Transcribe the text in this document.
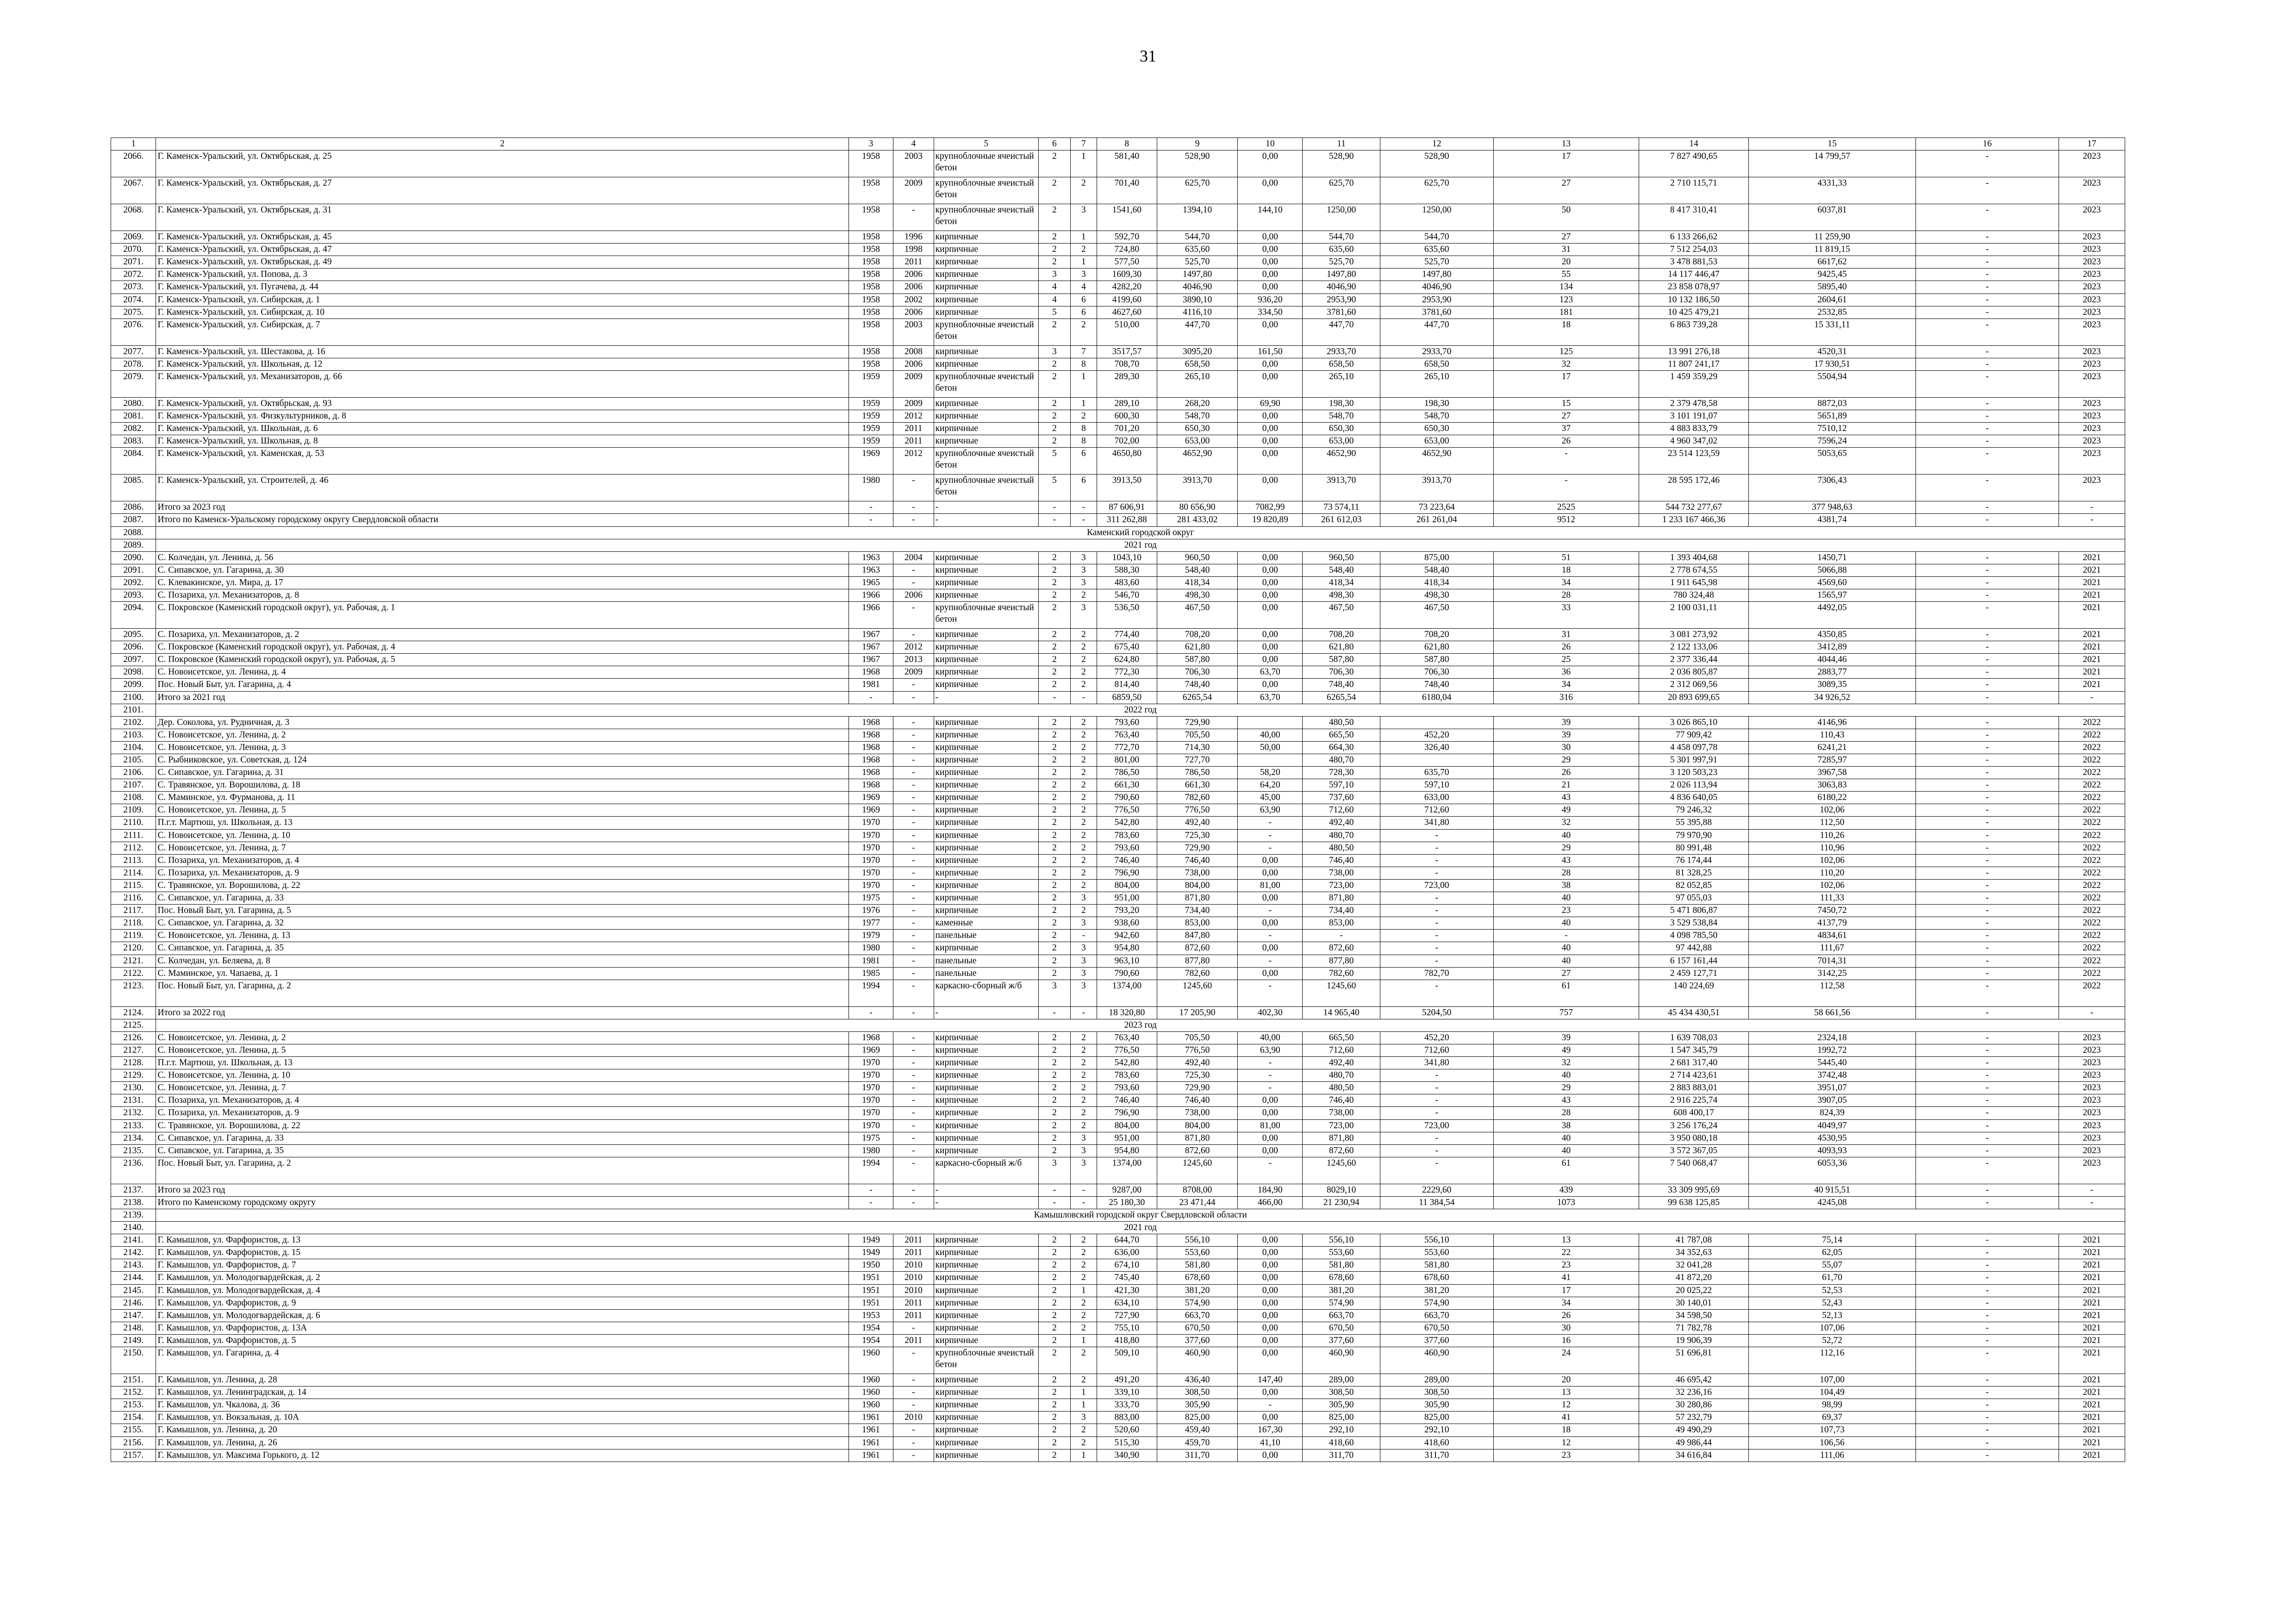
31
1	2	3	4	5	6	7	8	9	10	11	12	13	14	15	16	17
2066.	Г. Каменск-Уральский, ул. Октябрьская, д. 25	1958	2003	крупноблочные ячеистый бетон	2	1	581,40	528,90	0,00	528,90	528,90	17	7 827 490,65	14 799,57	-	2023
2067.	Г. Каменск-Уральский, ул. Октябрьская, д. 27	1958	2009	крупноблочные ячеистый бетон	2	2	701,40	625,70	0,00	625,70	625,70	27	2 710 115,71	4331,33	-	2023
2068.	Г. Каменск-Уральский, ул. Октябрьская, д. 31	1958	-	крупноблочные ячеистый бетон	2	3	1541,60	1394,10	144,10	1250,00	1250,00	50	8 417 310,41	6037,81	-	2023
2069.	Г. Каменск-Уральский, ул. Октябрьская, д. 45	1958	1996	кирпичные	2	1	592,70	544,70	0,00	544,70	544,70	27	6 133 266,62	11 259,90	-	2023
2070.	Г. Каменск-Уральский, ул. Октябрьская, д. 47	1958	1998	кирпичные	2	2	724,80	635,60	0,00	635,60	635,60	31	7 512 254,03	11 819,15	-	2023
2071.	Г. Каменск-Уральский, ул. Октябрьская, д. 49	1958	2011	кирпичные	2	1	577,50	525,70	0,00	525,70	525,70	20	3 478 881,53	6617,62	-	2023
2072.	Г. Каменск-Уральский, ул. Попова, д. 3	1958	2006	кирпичные	3	3	1609,30	1497,80	0,00	1497,80	1497,80	55	14 117 446,47	9425,45	-	2023
2073.	Г. Каменск-Уральский, ул. Пугачева, д. 44	1958	2006	кирпичные	4	4	4282,20	4046,90	0,00	4046,90	4046,90	134	23 858 078,97	5895,40	-	2023
2074.	Г. Каменск-Уральский, ул. Сибирская, д. 1	1958	2002	кирпичные	4	6	4199,60	3890,10	936,20	2953,90	2953,90	123	10 132 186,50	2604,61	-	2023
2075.	Г. Каменск-Уральский, ул. Сибирская, д. 10	1958	2006	кирпичные	5	6	4627,60	4116,10	334,50	3781,60	3781,60	181	10 425 479,21	2532,85	-	2023
2076.	Г. Каменск-Уральский, ул. Сибирская, д. 7	1958	2003	крупноблочные ячеистый бетон	2	2	510,00	447,70	0,00	447,70	447,70	18	6 863 739,28	15 331,11	-	2023
2077.	Г. Каменск-Уральский, ул. Шестакова, д. 16	1958	2008	кирпичные	3	7	3517,57	3095,20	161,50	2933,70	2933,70	125	13 991 276,18	4520,31	-	2023
2078.	Г. Каменск-Уральский, ул. Школьная, д. 12	1958	2006	кирпичные	2	8	708,70	658,50	0,00	658,50	658,50	32	11 807 241,17	17 930,51	-	2023
2079.	Г. Каменск-Уральский, ул. Механизаторов, д. 66	1959	2009	крупноблочные ячеистый бетон	2	1	289,30	265,10	0,00	265,10	265,10	17	1 459 359,29	5504,94	-	2023
2080.	Г. Каменск-Уральский, ул. Октябрьская, д. 93	1959	2009	кирпичные	2	1	289,10	268,20	69,90	198,30	198,30	15	2 379 478,58	8872,03	-	2023
2081.	Г. Каменск-Уральский, ул. Физкультурников, д. 8	1959	2012	кирпичные	2	2	600,30	548,70	0,00	548,70	548,70	27	3 101 191,07	5651,89	-	2023
2082.	Г. Каменск-Уральский, ул. Школьная, д. 6	1959	2011	кирпичные	2	8	701,20	650,30	0,00	650,30	650,30	37	4 883 833,79	7510,12	-	2023
2083.	Г. Каменск-Уральский, ул. Школьная, д. 8	1959	2011	кирпичные	2	8	702,00	653,00	0,00	653,00	653,00	26	4 960 347,02	7596,24	-	2023
2084.	Г. Каменск-Уральский, ул. Каменская, д. 53	1969	2012	крупноблочные ячеистый бетон	5	6	4650,80	4652,90	0,00	4652,90	4652,90	-	23 514 123,59	5053,65	-	2023
2085.	Г. Каменск-Уральский, ул. Строителей, д. 46	1980	-	крупноблочные ячеистый бетон	5	6	3913,50	3913,70	0,00	3913,70	3913,70	-	28 595 172,46	7306,43	-	2023
2086.	Итого за 2023 год	-	-	-	-	-	87 606,91	80 656,90	7082,99	73 574,11	73 223,64	2525	544 732 277,67	377 948,63	-	-
2087.	Итого по Каменск-Уральскому городскому округу Свердловской области	-	-	-	-	-	311 262,88	281 433,02	19 820,89	261 612,03	261 261,04	9512	1 233 167 466,36	4381,74	-	-
2088.	Каменский городской округ															
2089.	2021 год															
2090.	С. Колчедан, ул. Ленина, д. 56	1963	2004	кирпичные	2	3	1043,10	960,50	0,00	960,50	875,00	51	1 393 404,68	1450,71	-	2021
2091.	С. Сипавское, ул. Гагарина, д. 30	1963	-	кирпичные	2	3	588,30	548,40	0,00	548,40	548,40	18	2 778 674,55	5066,88	-	2021
2092.	С. Клевакинское, ул. Мира, д. 17	1965	-	кирпичные	2	3	483,60	418,34	0,00	418,34	418,34	34	1 911 645,98	4569,60	-	2021
2093.	С. Позариха, ул. Механизаторов, д. 8	1966	2006	кирпичные	2	2	546,70	498,30	0,00	498,30	498,30	28	780 324,48	1565,97	-	2021
2094.	С. Покровское (Каменский городской округ), ул. Рабочая, д. 1	1966	-	крупноблочные ячеистый бетон	2	3	536,50	467,50	0,00	467,50	467,50	33	2 100 031,11	4492,05	-	2021
2095.	С. Позариха, ул. Механизаторов, д. 2	1967	-	кирпичные	2	2	774,40	708,20	0,00	708,20	708,20	31	3 081 273,92	4350,85	-	2021
2096.	С. Покровское (Каменский городской округ), ул. Рабочая, д. 4	1967	2012	кирпичные	2	2	675,40	621,80	0,00	621,80	621,80	26	2 122 133,06	3412,89	-	2021
2097.	С. Покровское (Каменский городской округ), ул. Рабочая, д. 5	1967	2013	кирпичные	2	2	624,80	587,80	0,00	587,80	587,80	25	2 377 336,44	4044,46	-	2021
2098.	С. Новоисетское, ул. Ленина, д. 4	1968	2009	кирпичные	2	2	772,30	706,30	63,70	706,30	706,30	36	2 036 805,87	2883,77	-	2021
2099.	Пос. Новый Быт, ул. Гагарина, д. 4	1981	-	кирпичные	2	2	814,40	748,40	0,00	748,40	748,40	34	2 312 069,56	3089,35	-	2021
2100.	Итого за 2021 год	-	-	-	-	-	6859,50	6265,54	63,70	6265,54	6180,04	316	20 893 699,65	34 926,52	-	-
2101.	2022 год															
2102.	Дер. Соколова, ул. Рудничная, д. 3	1968	-	кирпичные	2	2	793,60	729,90		480,50		39	3 026 865,10	4146,96	-	2022
2103.	С. Новоисетское, ул. Ленина, д. 2	1968	-	кирпичные	2	2	763,40	705,50	40,00	665,50	452,20	39	77 909,42	110,43	-	2022
2104.	С. Новоисетское, ул. Ленина, д. 3	1968	-	кирпичные	2	2	772,70	714,30	50,00	664,30	326,40	30	4 458 097,78	6241,21	-	2022
2105.	С. Рыбниковское, ул. Советская, д. 124	1968	-	кирпичные	2	2	801,00	727,70		480,70		29	5 301 997,91	7285,97	-	2022
2106.	С. Сипавское, ул. Гагарина, д. 31	1968	-	кирпичные	2	2	786,50	786,50	58,20	728,30	635,70	26	3 120 503,23	3967,58	-	2022
2107.	С. Травянское, ул. Ворошилова, д. 18	1968	-	кирпичные	2	2	661,30	661,30	64,20	597,10	597,10	21	2 026 113,94	3063,83	-	2022
2108.	С. Маминское, ул. Фурманова, д. 11	1969	-	кирпичные	2	2	790,60	782,60	45,00	737,60	633,00	43	4 836 640,05	6180,22	-	2022
2109.	С. Новоисетское, ул. Ленина, д. 5	1969	-	кирпичные	2	2	776,50	776,50	63,90	712,60	712,60	49	79 246,32	102,06	-	2022
2110.	П.г.т. Мартюш, ул. Школьная, д. 13	1970	-	кирпичные	2	2	542,80	492,40	-	492,40	341,80	32	55 395,88	112,50	-	2022
2111.	С. Новоисетское, ул. Ленина, д. 10	1970	-	кирпичные	2	2	783,60	725,30	-	480,70	-	40	79 970,90	110,26	-	2022
2112.	С. Новоисетское, ул. Ленина, д. 7	1970	-	кирпичные	2	2	793,60	729,90	-	480,50	-	29	80 991,48	110,96	-	2022
2113.	С. Позариха, ул. Механизаторов, д. 4	1970	-	кирпичные	2	2	746,40	746,40	0,00	746,40	-	43	76 174,44	102,06	-	2022
2114.	С. Позариха, ул. Механизаторов, д. 9	1970	-	кирпичные	2	2	796,90	738,00	0,00	738,00	-	28	81 328,25	110,20	-	2022
2115.	С. Травянское, ул. Ворошилова, д. 22	1970	-	кирпичные	2	2	804,00	804,00	81,00	723,00	723,00	38	82 052,85	102,06	-	2022
2116.	С. Сипавское, ул. Гагарина, д. 33	1975	-	кирпичные	2	3	951,00	871,80	0,00	871,80	-	40	97 055,03	111,33	-	2022
2117.	Пос. Новый Быт, ул. Гагарина, д. 5	1976	-	кирпичные	2	2	793,20	734,40	-	734,40	-	23	5 471 806,87	7450,72	-	2022
2118.	С. Сипавское, ул. Гагарина, д. 32	1977	-	каменные	2	3	938,60	853,00	0,00	853,00	-	40	3 529 538,84	4137,79	-	2022
2119.	С. Новоисетское, ул. Ленина, д. 13	1979	-	панельные	2	-	942,60	847,80	-	-	-	-	4 098 785,50	4834,61	-	2022
2120.	С. Сипавское, ул. Гагарина, д. 35	1980	-	кирпичные	2	3	954,80	872,60	0,00	872,60	-	40	97 442,88	111,67	-	2022
2121.	С. Колчедан, ул. Беляева, д. 8	1981	-	панельные	2	3	963,10	877,80	-	877,80	-	40	6 157 161,44	7014,31	-	2022
2122.	С. Маминское, ул. Чапаева, д. 1	1985	-	панельные	2	3	790,60	782,60	0,00	782,60	782,70	27	2 459 127,71	3142,25	-	2022
2123.	Пос. Новый Быт, ул. Гагарина, д. 2	1994	-	каркасно-сборный ж/б	3	3	1374,00	1245,60	-	1245,60	-	61	140 224,69	112,58	-	2022
2124.	Итого за 2022 год	-	-	-	-	-	18 320,80	17 205,90	402,30	14 965,40	5204,50	757	45 434 430,51	58 661,56	-	-
2125.	2023 год															
2126.	С. Новоисетское, ул. Ленина, д. 2	1968	-	кирпичные	2	2	763,40	705,50	40,00	665,50	452,20	39	1 639 708,03	2324,18	-	2023
2127.	С. Новоисетское, ул. Ленина, д. 5	1969	-	кирпичные	2	2	776,50	776,50	63,90	712,60	712,60	49	1 547 345,79	1992,72	-	2023
2128.	П.г.т. Мартюш, ул. Школьная, д. 13	1970	-	кирпичные	2	2	542,80	492,40	-	492,40	341,80	32	2 681 317,40	5445,40	-	2023
2129.	С. Новоисетское, ул. Ленина, д. 10	1970	-	кирпичные	2	2	783,60	725,30	-	480,70	-	40	2 714 423,61	3742,48	-	2023
2130.	С. Новоисетское, ул. Ленина, д. 7	1970	-	кирпичные	2	2	793,60	729,90	-	480,50	-	29	2 883 883,01	3951,07	-	2023
2131.	С. Позариха, ул. Механизаторов, д. 4	1970	-	кирпичные	2	2	746,40	746,40	0,00	746,40	-	43	2 916 225,74	3907,05	-	2023
2132.	С. Позариха, ул. Механизаторов, д. 9	1970	-	кирпичные	2	2	796,90	738,00	0,00	738,00	-	28	608 400,17	824,39	-	2023
2133.	С. Травянское, ул. Ворошилова, д. 22	1970	-	кирпичные	2	2	804,00	804,00	81,00	723,00	723,00	38	3 256 176,24	4049,97	-	2023
2134.	С. Сипавское, ул. Гагарина, д. 33	1975	-	кирпичные	2	3	951,00	871,80	0,00	871,80	-	40	3 950 080,18	4530,95	-	2023
2135.	С. Сипавское, ул. Гагарина, д. 35	1980	-	кирпичные	2	3	954,80	872,60	0,00	872,60	-	40	3 572 367,05	4093,93	-	2023
2136.	Пос. Новый Быт, ул. Гагарина, д. 2	1994	-	каркасно-сборный ж/б	3	3	1374,00	1245,60	-	1245,60	-	61	7 540 068,47	6053,36	-	2023
2137.	Итого за 2023 год	-	-	-	-	-	9287,00	8708,00	184,90	8029,10	2229,60	439	33 309 995,69	40 915,51	-	-
2138.	Итого по Каменскому городскому округу	-	-	-	-	-	25 180,30	23 471,44	466,00	21 230,94	11 384,54	1073	99 638 125,85	4245,08	-	-
2139.	Камышловский городской округ Свердловской области															
2140.	2021 год															
2141.	Г. Камышлов, ул. Фарфористов, д. 13	1949	2011	кирпичные	2	2	644,70	556,10	0,00	556,10	556,10	13	41 787,08	75,14	-	2021
2142.	Г. Камышлов, ул. Фарфористов, д. 15	1949	2011	кирпичные	2	2	636,00	553,60	0,00	553,60	553,60	22	34 352,63	62,05	-	2021
2143.	Г. Камышлов, ул. Фарфористов, д. 7	1950	2010	кирпичные	2	2	674,10	581,80	0,00	581,80	581,80	23	32 041,28	55,07	-	2021
2144.	Г. Камышлов, ул. Молодогвардейская, д. 2	1951	2010	кирпичные	2	2	745,40	678,60	0,00	678,60	678,60	41	41 872,20	61,70	-	2021
2145.	Г. Камышлов, ул. Молодогвардейская, д. 4	1951	2010	кирпичные	2	1	421,30	381,20	0,00	381,20	381,20	17	20 025,22	52,53	-	2021
2146.	Г. Камышлов, ул. Фарфористов, д. 9	1951	2011	кирпичные	2	2	634,10	574,90	0,00	574,90	574,90	34	30 140,01	52,43	-	2021
2147.	Г. Камышлов, ул. Молодогвардейская, д. 6	1953	2011	кирпичные	2	2	727,90	663,70	0,00	663,70	663,70	26	34 598,50	52,13	-	2021
2148.	Г. Камышлов, ул. Фарфористов, д. 13А	1954	-	кирпичные	2	2	755,10	670,50	0,00	670,50	670,50	30	71 782,78	107,06	-	2021
2149.	Г. Камышлов, ул. Фарфористов, д. 5	1954	2011	кирпичные	2	1	418,80	377,60	0,00	377,60	377,60	16	19 906,39	52,72	-	2021
2150.	Г. Камышлов, ул. Гагарина, д. 4	1960	-	крупноблочные ячеистый бетон	2	2	509,10	460,90	0,00	460,90	460,90	24	51 696,81	112,16	-	2021
2151.	Г. Камышлов, ул. Ленина, д. 28	1960	-	кирпичные	2	2	491,20	436,40	147,40	289,00	289,00	20	46 695,42	107,00	-	2021
2152.	Г. Камышлов, ул. Ленинградская, д. 14	1960	-	кирпичные	2	1	339,10	308,50	0,00	308,50	308,50	13	32 236,16	104,49	-	2021
2153.	Г. Камышлов, ул. Чкалова, д. 36	1960	-	кирпичные	2	1	333,70	305,90	-	305,90	305,90	12	30 280,86	98,99	-	2021
2154.	Г. Камышлов, ул. Вокзальная, д. 10А	1961	2010	кирпичные	2	3	883,00	825,00	0,00	825,00	825,00	41	57 232,79	69,37	-	2021
2155.	Г. Камышлов, ул. Ленина, д. 20	1961	-	кирпичные	2	2	520,60	459,40	167,30	292,10	292,10	18	49 490,29	107,73	-	2021
2156.	Г. Камышлов, ул. Ленина, д. 26	1961	-	кирпичные	2	2	515,30	459,70	41,10	418,60	418,60	12	49 986,44	106,56	-	2021
2157.	Г. Камышлов, ул. Максима Горького, д. 12	1961	-	кирпичные	2	1	340,90	311,70	0,00	311,70	311,70	23	34 616,84	111,06	-	2021
